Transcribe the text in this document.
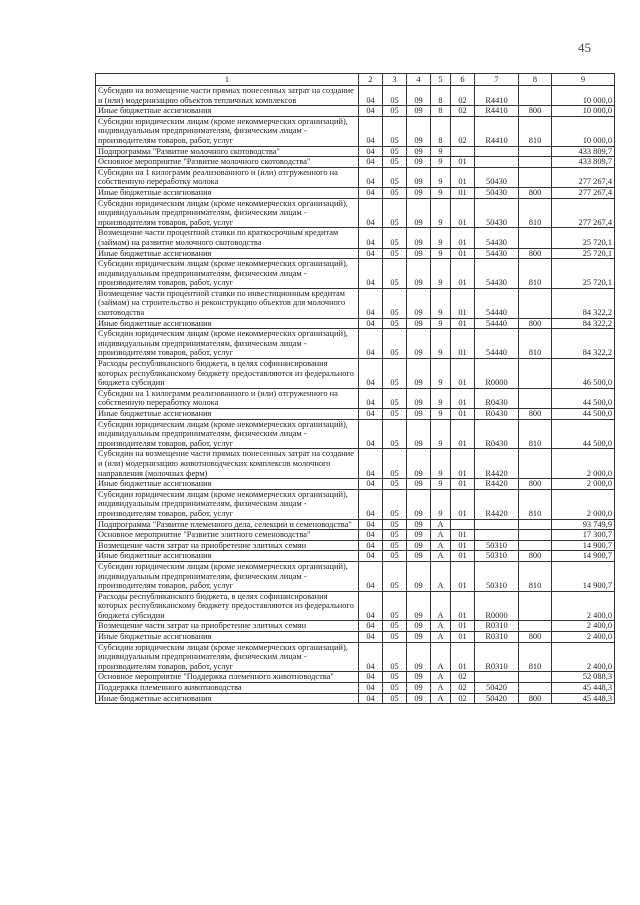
45
1	2	3	4	5	6	7	8	9
Субсидии на возмещение части прямых понесенных затрат на создание и (или) модернизацию объектов тепличных комплексов	04	05	09	8	02	R4410		10 000,0
Иные бюджетные ассигнования	04	05	09	8	02	R4410	800	10 000,0
Субсидии юридическим лицам (кроме некоммерческих организаций), индивидуальным предпринимателям, физическим лицам - производителям товаров, работ, услуг	04	05	09	8	02	R4410	810	10 000,0
Подпрограмма "Развитие молочного скотоводства"	04	05	09	9				433 809,7
Основное мероприятие "Развитие молочного скотоводства"	04	05	09	9	01			433 809,7
Субсидии на 1 килограмм реализованного и (или) отгруженного на собственную переработку молока	04	05	09	9	01	50430		277 267,4
Иные бюджетные ассигнования	04	05	09	9	01	50430	800	277 267,4
Субсидии юридическим лицам (кроме некоммерческих организаций), индивидуальным предпринимателям, физическим лицам - производителям товаров, работ, услуг	04	05	09	9	01	50430	810	277 267,4
Возмещение части процентной ставки по краткосрочным кредитам (займам) на развитие молочного скотоводства	04	05	09	9	01	54430		25 720,1
Иные бюджетные ассигнования	04	05	09	9	01	54430	800	25 720,1
Субсидии юридическим лицам (кроме некоммерческих организаций), индивидуальным предпринимателям, физическим лицам - производителям товаров, работ, услуг	04	05	09	9	01	54430	810	25 720,1
Возмещение части процентной ставки по инвестиционным кредитам (займам) на строительство и реконструкцию объектов для молочного скотоводства	04	05	09	9	01	54440		84 322,2
Иные бюджетные ассигнования	04	05	09	9	01	54440	800	84 322,2
Субсидии юридическим лицам (кроме некоммерческих организаций), индивидуальным предпринимателям, физическим лицам - производителям товаров, работ, услуг	04	05	09	9	01	54440	810	84 322,2
Расходы республиканского бюджета, в целях софинансирования которых республиканскому бюджету предоставляются из федерального бюджета субсидии	04	05	09	9	01	R0000		46 500,0
Субсидии на 1 килограмм реализованного и (или) отгруженного на собственную переработку молока	04	05	09	9	01	R0430		44 500,0
Иные бюджетные ассигнования	04	05	09	9	01	R0430	800	44 500,0
Субсидии юридическим лицам (кроме некоммерческих организаций), индивидуальным предпринимателям, физическим лицам - производителям товаров, работ, услуг	04	05	09	9	01	R0430	810	44 500,0
Субсидии на возмещение части прямых понесенных затрат на создание и (или) модернизацию животноводческих комплексов молочного направления (молочных ферм)	04	05	09	9	01	R4420		2 000,0
Иные бюджетные ассигнования	04	05	09	9	01	R4420	800	2 000,0
Субсидии юридическим лицам (кроме некоммерческих организаций), индивидуальным предпринимателям, физическим лицам - производителям товаров, работ, услуг	04	05	09	9	01	R4420	810	2 000,0
Подпрограмма "Развитие племенного дела, селекции и семеноводства"	04	05	09	А				93 749,9
Основное мероприятие "Развитие элитного семеноводства"	04	05	09	А	01			17 300,7
Возмещение части затрат на приобретение элитных семян	04	05	09	А	01	50310		14 900,7
Иные бюджетные ассигнования	04	05	09	А	01	50310	800	14 900,7
Субсидии юридическим лицам (кроме некоммерческих организаций), индивидуальным предпринимателям, физическим лицам - производителям товаров, работ, услуг	04	05	09	А	01	50310	810	14 900,7
Расходы республиканского бюджета, в целях софинансирования которых республиканскому бюджету предоставляются из федерального бюджета субсидии	04	05	09	А	01	R0000		2 400,0
Возмещение части затрат на приобретение элитных семян	04	05	09	А	01	R0310		2 400,0
Иные бюджетные ассигнования	04	05	09	А	01	R0310	800	2 400,0
Субсидии юридическим лицам (кроме некоммерческих организаций), индивидуальным предпринимателям, физическим лицам - производителям товаров, работ, услуг	04	05	09	А	01	R0310	810	2 400,0
Основное мероприятие "Поддержка племенного животноводства"	04	05	09	А	02			52 088,3
Поддержка племенного животноводства	04	05	09	А	02	50420		45 448,3
Иные бюджетные ассигнования	04	05	09	А	02	50420	800	45 448,3
